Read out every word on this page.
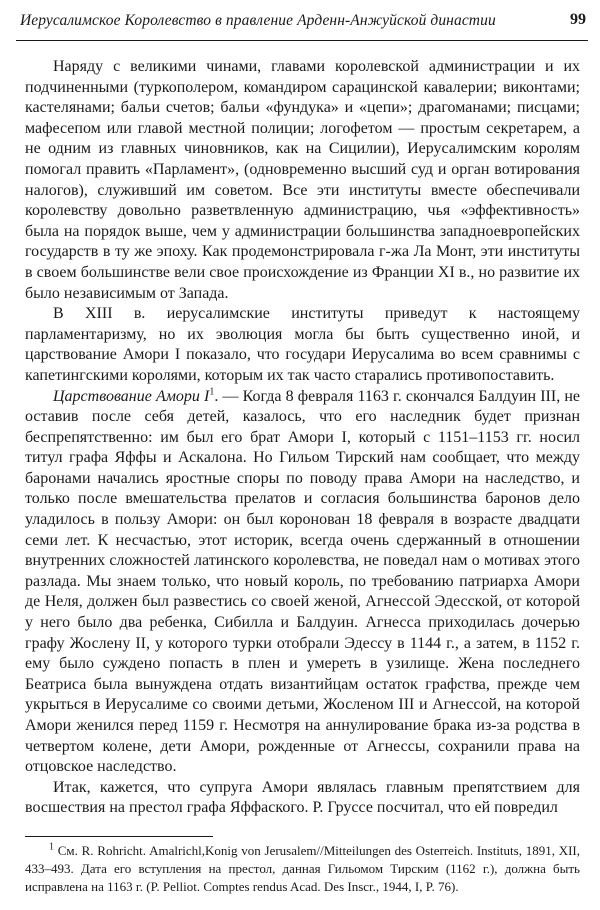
Иерусалимское Королевство в правление Арденн-Анжуйской династии	99

Наряду с великими чинами, главами королевской администрации и их подчиненными (туркополером, командиром сарацинской кавалерии; виконтами; кастелянами; бальи счетов; бальи «фундука» и «цепи»; драгоманами; писцами; мафесепом или главой местной полиции; логофетом — простым секретарем, а не одним из главных чиновников, как на Сицилии), Иерусалимским королям помогал править «Парламент», (одновременно высший суд и орган вотирования налогов), служивший им советом. Все эти институты вместе обеспечивали королевству довольно разветвленную администрацию, чья «эффективность» была на порядок выше, чем у администрации большинства западноевропейских государств в ту же эпоху. Как продемонстрировала г-жа Ла Монт, эти институты в своем большинстве вели свое происхождение из Франции XI в., но развитие их было независимым от Запада.

В XIII в. иерусалимские институты приведут к настоящему парламентаризму, но их эволюция могла бы быть существенно иной, и царствование Амори I показало, что государи Иерусалима во всем сравнимы с капетингскими королями, которым их так часто старались противопоставить.

Царствование Амори $I^1$. — Когда 8 февраля 1163 г. скончался Балдуин III, не оставив после себя детей, казалось, что его наследник будет признан беспрепятственно: им был его брат Амори I, который с 1151–1153 гг. носил титул графа Яффы и Аскалона. Но Гильом Тирский нам сообщает, что между баронами начались яростные споры по поводу права Амори на наследство, и только после вмешательства прелатов и согласия большинства баронов дело уладилось в пользу Амори: он был коронован 18 февраля в возрасте двадцати семи лет. К несчастью, этот историк, всегда очень сдержанный в отношении внутренних сложностей латинского королевства, не поведал нам о мотивах этого разлада. Мы знаем только, что новый король, по требованию патриарха Амори де Неля, должен был развестись со своей женой, Агнессой Эдесской, от которой у него было два ребенка, Сибилла и Балдуин. Агнесса приходилась дочерью графу Жослену II, у которого турки отобрали Эдессу в 1144 г., а затем, в 1152 г. ему было суждено попасть в плен и умереть в узилище. Жена последнего Беатриса была вынуждена отдать византийцам остаток графства, прежде чем укрыться в Иерусалиме со своими детьми, Жосленом III и Агнессой, на которой Амори женился перед 1159 г. Несмотря на аннулирование брака из-за родства в четвертом колене, дети Амори, рожденные от Агнессы, сохранили права на отцовское наследство.

Итак, кажется, что супруга Амори являлась главным препятствием для восшествия на престол графа Яффаского. Р. Груссе посчитал, что ей повредил

$^1$ См. R. Rohricht. Amalrichl,Konig von Jerusalem//Mitteilungen des Osterreich. Instituts, 1891, XII, 433–493. Дата его вступления на престол, данная Гильомом Тирским (1162 г.), должна быть исправлена на 1163 г. (P. Pelliot. Comptes rendus Acad. Des Inscr., 1944, I, P. 76).
